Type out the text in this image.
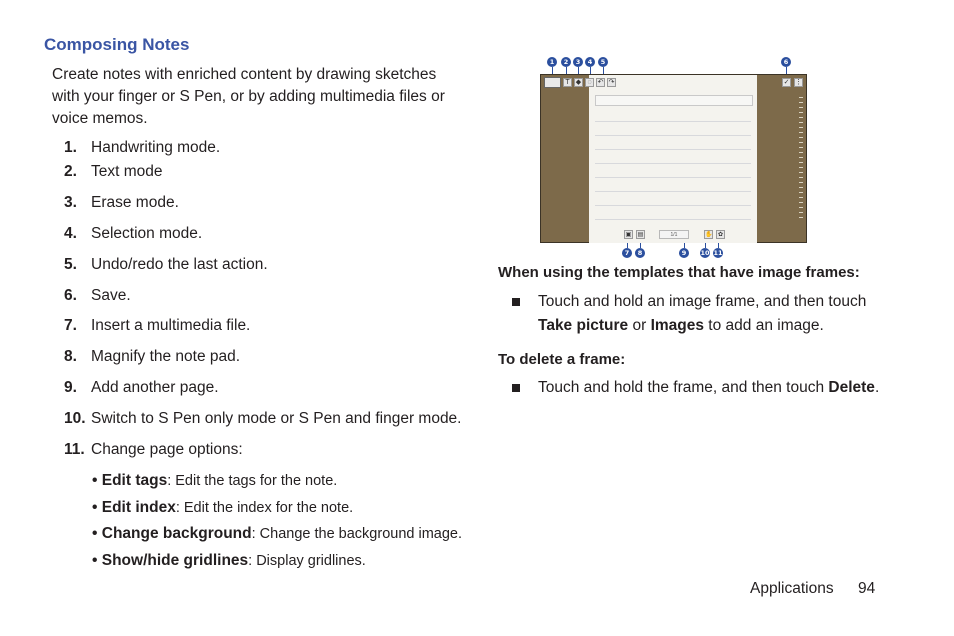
Composing Notes
Create notes with enriched content by drawing sketches with your finger or S Pen, or by adding multimedia files or voice memos.
1. Handwriting mode.
2. Text mode
3. Erase mode.
4. Selection mode.
5. Undo/redo the last action.
6. Save.
7. Insert a multimedia file.
8. Magnify the note pad.
9. Add another page.
10. Switch to S Pen only mode or S Pen and finger mode.
11. Change page options:
• Edit tags: Edit the tags for the note.
• Edit index: Edit the index for the note.
• Change background: Change the background image.
• Show/hide gridlines: Display gridlines.
1	2	3	4	5	6
7	8	9	10 11
T ◆ ◌ ↶ ↷	✓ ⋮
▣ ▤	1/1	✋ ✿
When using the templates that have image frames:
Touch and hold an image frame, and then touch
Take picture or Images to add an image.
To delete a frame:
Touch and hold the frame, and then touch Delete.
Applications 94
